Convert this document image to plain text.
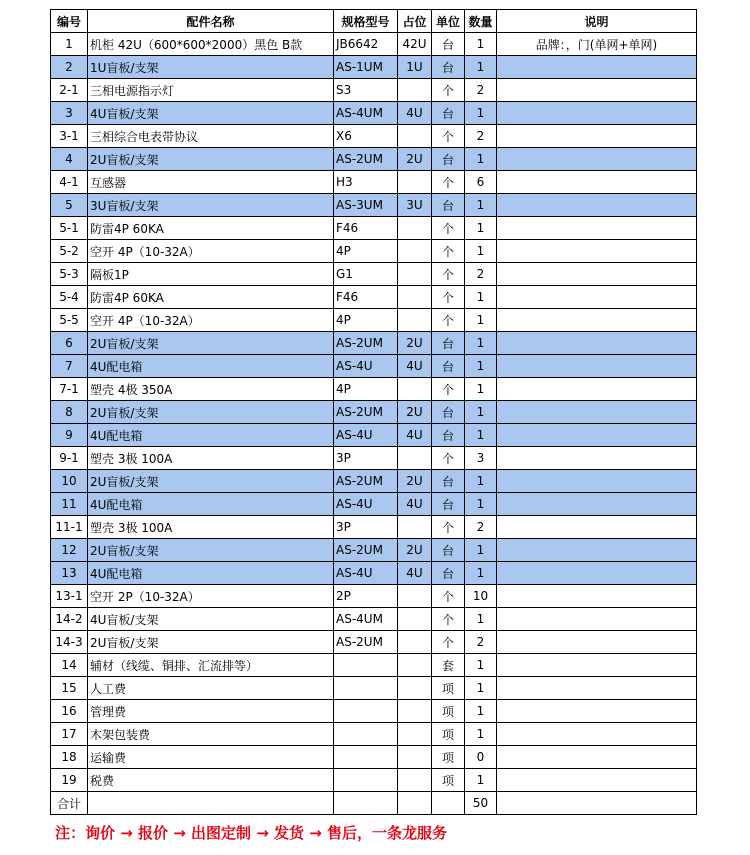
编号	配件名称	规格型号	占位	单位	数量	说明
1	机柜 42U（600*600*2000）黑色 B款	JB6642	42U	台	1	品牌：，门(单网+单网)
2	1U盲板/支架	AS-1UM	1U	台	1	
2-1	三相电源指示灯	S3		个	2	
3	4U盲板/支架	AS-4UM	4U	台	1	
3-1	三相综合电表带协议	X6		个	2	
4	2U盲板/支架	AS-2UM	2U	台	1	
4-1	互感器	H3		个	6	
5	3U盲板/支架	AS-3UM	3U	台	1	
5-1	防雷4P 60KA	F46		个	1	
5-2	空开 4P（10-32A）	4P		个	1	
5-3	隔板1P	G1		个	2	
5-4	防雷4P 60KA	F46		个	1	
5-5	空开 4P（10-32A）	4P		个	1	
6	2U盲板/支架	AS-2UM	2U	台	1	
7	4U配电箱	AS-4U	4U	台	1	
7-1	塑壳 4极 350A	4P		个	1	
8	2U盲板/支架	AS-2UM	2U	台	1	
9	4U配电箱	AS-4U	4U	台	1	
9-1	塑壳 3极 100A	3P		个	3	
10	2U盲板/支架	AS-2UM	2U	台	1	
11	4U配电箱	AS-4U	4U	台	1	
11-1	塑壳 3极 100A	3P		个	2	
12	2U盲板/支架	AS-2UM	2U	台	1	
13	4U配电箱	AS-4U	4U	台	1	
13-1	空开 2P（10-32A）	2P		个	10	
14-2	4U盲板/支架	AS-4UM		个	1	
14-3	2U盲板/支架	AS-2UM		个	2	
14	辅材（线缆、铜排、汇流排等）			套	1	
15	人工费			项	1	
16	管理费			项	1	
17	木架包装费			项	1	
18	运输费			项	0	
19	税费			项	1	
合计					50	
注：询价 → 报价 → 出图定制 → 发货 → 售后，一条龙服务
